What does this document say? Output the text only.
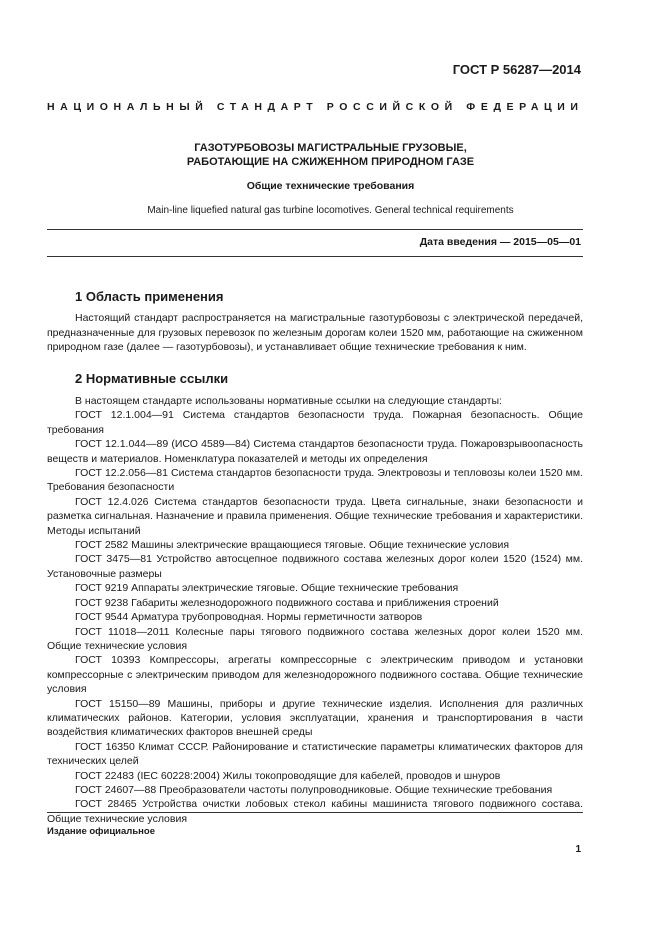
ГОСТ Р 56287—2014
НАЦИОНАЛЬНЫЙ СТАНДАРТ РОССИЙСКОЙ ФЕДЕРАЦИИ
ГАЗОТУРБОВОЗЫ МАГИСТРАЛЬНЫЕ ГРУЗОВЫЕ,
РАБОТАЮЩИЕ НА СЖИЖЕННОМ ПРИРОДНОМ ГАЗЕ
Общие технические требования
Main-line liquefied natural gas turbine locomotives. General technical requirements
Дата введения — 2015—05—01
1 Область применения

Настоящий стандарт распространяется на магистральные газотурбовозы с электрической передачей, предназначенные для грузовых перевозок по железным дорогам колеи 1520 мм, работающие на сжиженном природном газе (далее — газотурбовозы), и устанавливает общие технические требования к ним.

2 Нормативные ссылки

В настоящем стандарте использованы нормативные ссылки на следующие стандарты:

ГОСТ 12.1.004—91 Система стандартов безопасности труда. Пожарная безопасность. Общие требования

ГОСТ 12.1.044—89 (ИСО 4589—84) Система стандартов безопасности труда. Пожаровзрывоопасность веществ и материалов. Номенклатура показателей и методы их определения

ГОСТ 12.2.056—81 Система стандартов безопасности труда. Электровозы и тепловозы колеи 1520 мм. Требования безопасности

ГОСТ 12.4.026 Система стандартов безопасности труда. Цвета сигнальные, знаки безопасности и разметка сигнальная. Назначение и правила применения. Общие технические требования и характеристики. Методы испытаний

ГОСТ 2582 Машины электрические вращающиеся тяговые. Общие технические условия

ГОСТ 3475—81 Устройство автосцепное подвижного состава железных дорог колеи 1520 (1524) мм. Установочные размеры

ГОСТ 9219 Аппараты электрические тяговые. Общие технические требования

ГОСТ 9238 Габариты железнодорожного подвижного состава и приближения строений

ГОСТ 9544 Арматура трубопроводная. Нормы герметичности затворов

ГОСТ 11018—2011 Колесные пары тягового подвижного состава железных дорог колеи 1520 мм. Общие технические условия

ГОСТ 10393 Компрессоры, агрегаты компрессорные с электрическим приводом и установки компрессорные с электрическим приводом для железнодорожного подвижного состава. Общие технические условия

ГОСТ 15150—89 Машины, приборы и другие технические изделия. Исполнения для различных климатических районов. Категории, условия эксплуатации, хранения и транспортирования в части воздействия климатических факторов внешней среды

ГОСТ 16350 Климат СССР. Районирование и статистические параметры климатических факторов для технических целей

ГОСТ 22483 (IEC 60228:2004) Жилы токопроводящие для кабелей, проводов и шнуров

ГОСТ 24607—88 Преобразователи частоты полупроводниковые. Общие технические требования

ГОСТ 28465 Устройства очистки лобовых стекол кабины машиниста тягового подвижного состава. Общие технические условия

Издание официальное
1
